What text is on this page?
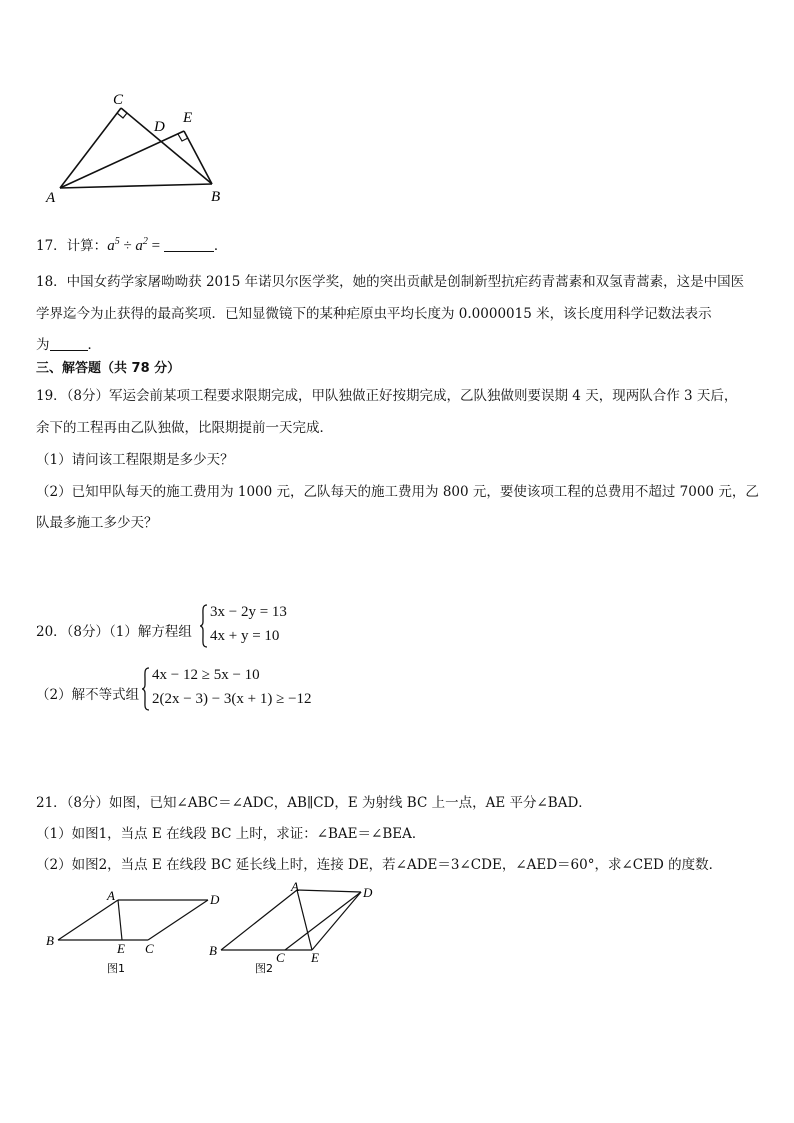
C
D
E
A	B
17．计算：$a^5 \div a^2$ =	．
18．中国女药学家屠呦呦获 2015 年诺贝尔医学奖，她的突出贡献是创制新型抗疟药青蒿素和双氢青蒿素，这是中国医
学界迄今为止获得的最高奖项．已知显微镜下的某种疟原虫平均长度为 0.0000015 米，该长度用科学记数法表示
为	．
三、解答题（共 78 分）
19．（8分）军运会前某项工程要求限期完成，甲队独做正好按期完成，乙队独做则要误期 4 天，现两队合作 3 天后，
余下的工程再由乙队独做，比限期提前一天完成．
（1）请问该工程限期是多少天？
（2）已知甲队每天的施工费用为 1000 元，乙队每天的施工费用为 800 元，要使该项工程的总费用不超过 7000 元，乙
队最多施工多少天？
20．（8分）（1）解方程组
3x − 2y = 13
4x + y = 10
（2）解不等式组
4x − 12 ≥ 5x − 10
2(2x − 3) − 3(x + 1) ≥ −12
21．（8分）如图，已知∠ABC＝∠ADC，AB∥CD，E 为射线 BC 上一点，AE 平分∠BAD．
（1）如图1，当点 E 在线段 BC 上时，求证：∠BAE＝∠BEA．
（2）如图2，当点 E 在线段 BC 延长线上时，连接 DE，若∠ADE＝3∠CDE，∠AED＝60°，求∠CED 的度数．
A	D
B
E C
图1
A	D
B	C E
图2
